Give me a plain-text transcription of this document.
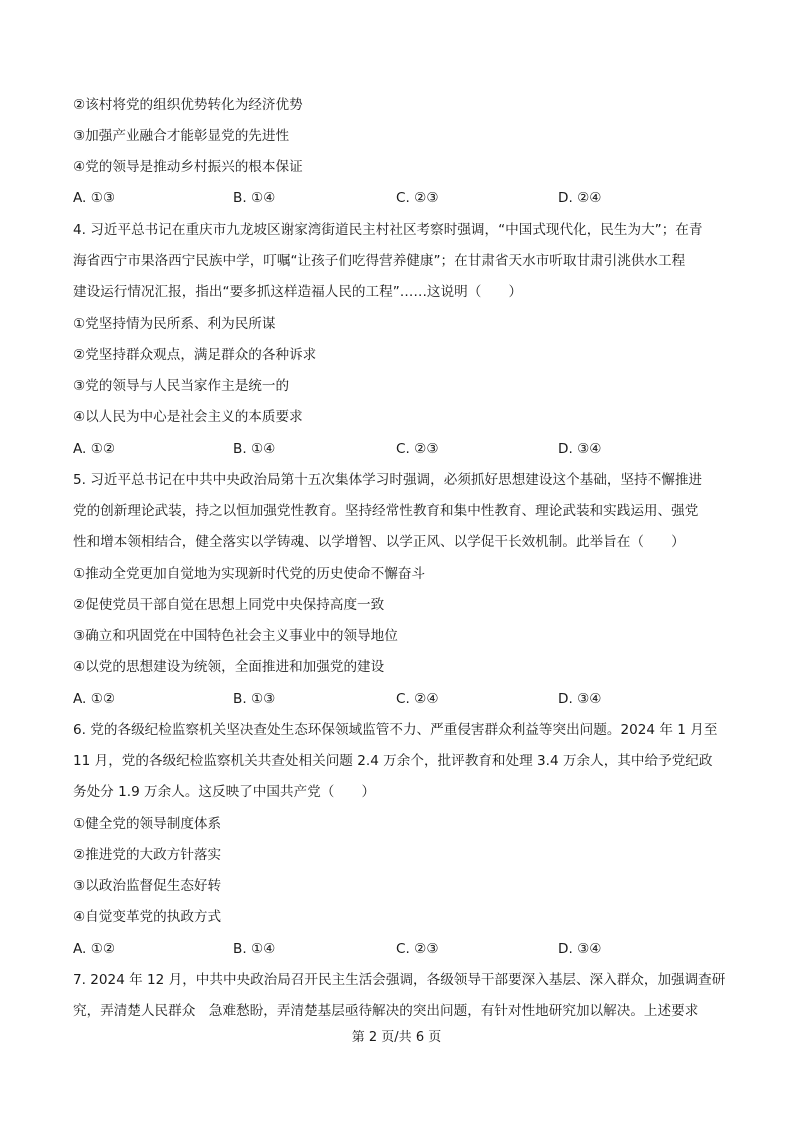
②该村将党的组织优势转化为经济优势
③加强产业融合才能彰显党的先进性
④党的领导是推动乡村振兴的根本保证
A. ①③	B. ①④	C. ②③	D. ②④
4. 习近平总书记在重庆市九龙坡区谢家湾街道民主村社区考察时强调，“中国式现代化，民生为大”；在青
海省西宁市果洛西宁民族中学，叮嘱“让孩子们吃得营养健康”；在甘肃省天水市听取甘肃引洮供水工程
建设运行情况汇报，指出“要多抓这样造福人民的工程”……这说明（　　）
①党坚持情为民所系、利为民所谋
②党坚持群众观点，满足群众的各种诉求
③党的领导与人民当家作主是统一的
④以人民为中心是社会主义的本质要求
A. ①②	B. ①④	C. ②③	D. ③④
5. 习近平总书记在中共中央政治局第十五次集体学习时强调，必须抓好思想建设这个基础，坚持不懈推进
党的创新理论武装，持之以恒加强党性教育。坚持经常性教育和集中性教育、理论武装和实践运用、强党
性和增本领相结合，健全落实以学铸魂、以学增智、以学正风、以学促干长效机制。此举旨在（　　）
①推动全党更加自觉地为实现新时代党的历史使命不懈奋斗
②促使党员干部自觉在思想上同党中央保持高度一致
③确立和巩固党在中国特色社会主义事业中的领导地位
④以党的思想建设为统领，全面推进和加强党的建设
A. ①②	B. ①③	C. ②④	D. ③④
6. 党的各级纪检监察机关坚决查处生态环保领域监管不力、严重侵害群众利益等突出问题。2024 年 1 月至
11 月，党的各级纪检监察机关共查处相关问题 2.4 万余个，批评教育和处理 3.4 万余人，其中给予党纪政
务处分 1.9 万余人。这反映了中国共产党（　　）
①健全党的领导制度体系
②推进党的大政方针落实
③以政治监督促生态好转
④自觉变革党的执政方式
A. ①②	B. ①④	C. ②③	D. ③④
7. 2024 年 12 月，中共中央政治局召开民主生活会强调，各级领导干部要深入基层、深入群众，加强调查研
究，弄清楚人民群众　急难愁盼，弄清楚基层亟待解决的突出问题，有针对性地研究加以解决。上述要求
第 2 页/共 6 页
